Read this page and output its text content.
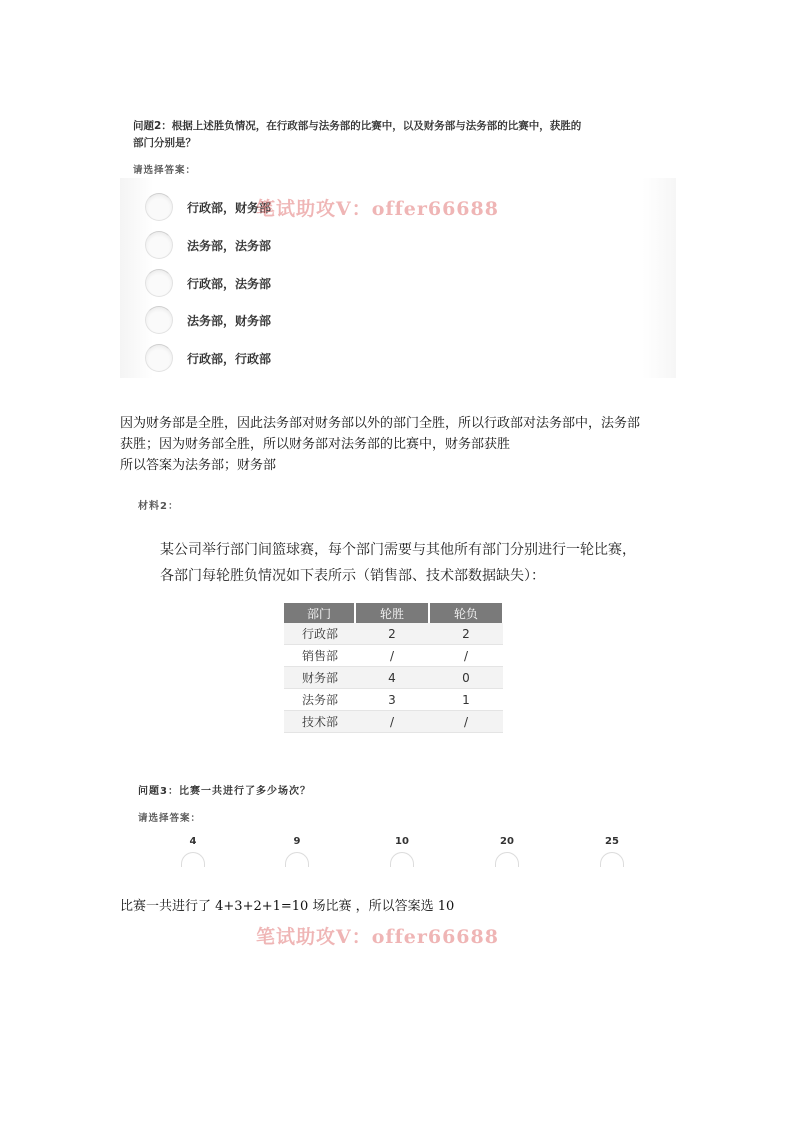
问题2：根据上述胜负情况，在行政部与法务部的比赛中，以及财务部与法务部的比赛中，获胜的
部门分别是？
请选择答案：
行政部，财务部
法务部，法务部
行政部，法务部
法务部，财务部
行政部，行政部
笔试助攻V：offer66688
因为财务部是全胜，因此法务部对财务部以外的部门全胜，所以行政部对法务部中，法务部
获胜；因为财务部全胜，所以财务部对法务部的比赛中，财务部获胜
所以答案为法务部；财务部
材料2：
某公司举行部门间篮球赛，每个部门需要与其他所有部门分别进行一轮比赛，
各部门每轮胜负情况如下表所示（销售部、技术部数据缺失）：
部门	轮胜	轮负
行政部	2	2
销售部	/	/
财务部	4	0
法务部	3	1
技术部	/	/
问题3：比赛一共进行了多少场次？
请选择答案：
4	9	10	20	25
比赛一共进行了 4+3+2+1=10 场比赛 ，所以答案选 10
笔试助攻V：offer66688
